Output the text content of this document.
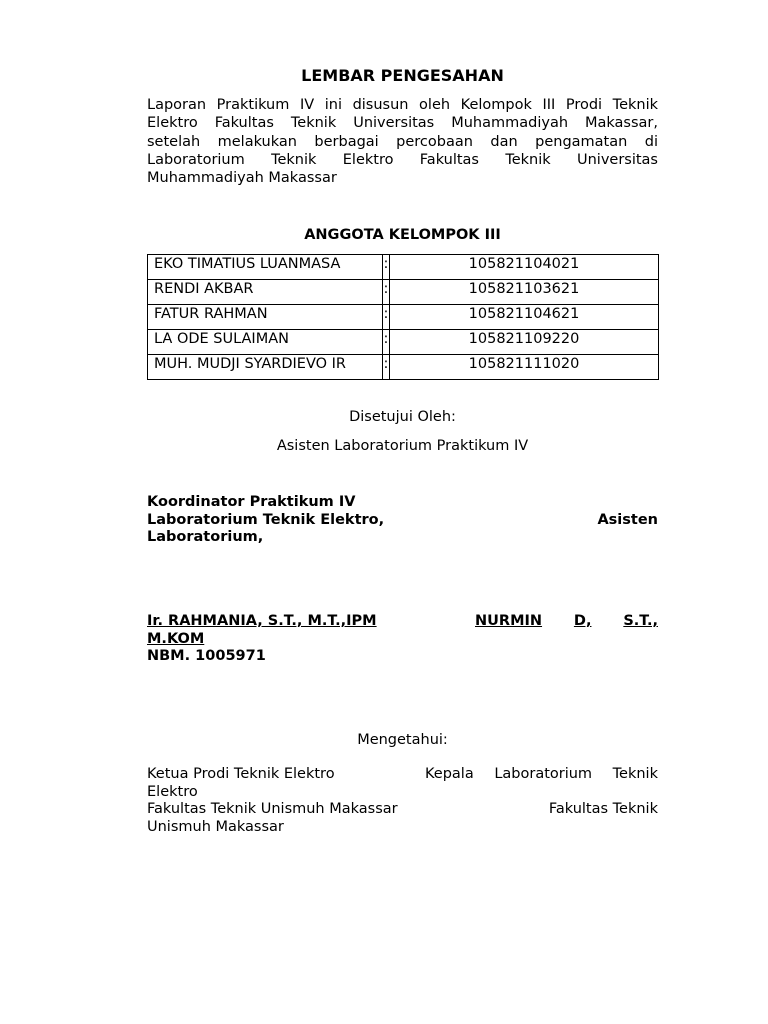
LEMBAR PENGESAHAN
Laporan Praktikum IV ini disusun oleh Kelompok III Prodi Teknik
Elektro Fakultas Teknik Universitas Muhammadiyah Makassar,
setelah melakukan berbagai percobaan dan pengamatan di
Laboratorium Teknik Elektro Fakultas Teknik Universitas
Muhammadiyah Makassar
ANGGOTA KELOMPOK III
EKO TIMATIUS LUANMASA	:	105821104021
RENDI AKBAR	:	105821103621
FATUR RAHMAN	:	105821104621
LA ODE SULAIMAN	:	105821109220
MUH. MUDJI SYARDIEVO IR	:	105821111020
Disetujui Oleh:
Asisten Laboratorium Praktikum IV
Koordinator Praktikum IV
Laboratorium Teknik Elektro,	Asisten
Laboratorium,
Ir. RAHMANIA, S.T., M.T.,IPM	NURMIN D, S.T.,
M.KOM
NBM. 1005971
Mengetahui:
Ketua Prodi Teknik Elektro	Kepala Laboratorium Teknik
Elektro
Fakultas Teknik Unismuh Makassar	Fakultas Teknik
Unismuh Makassar
